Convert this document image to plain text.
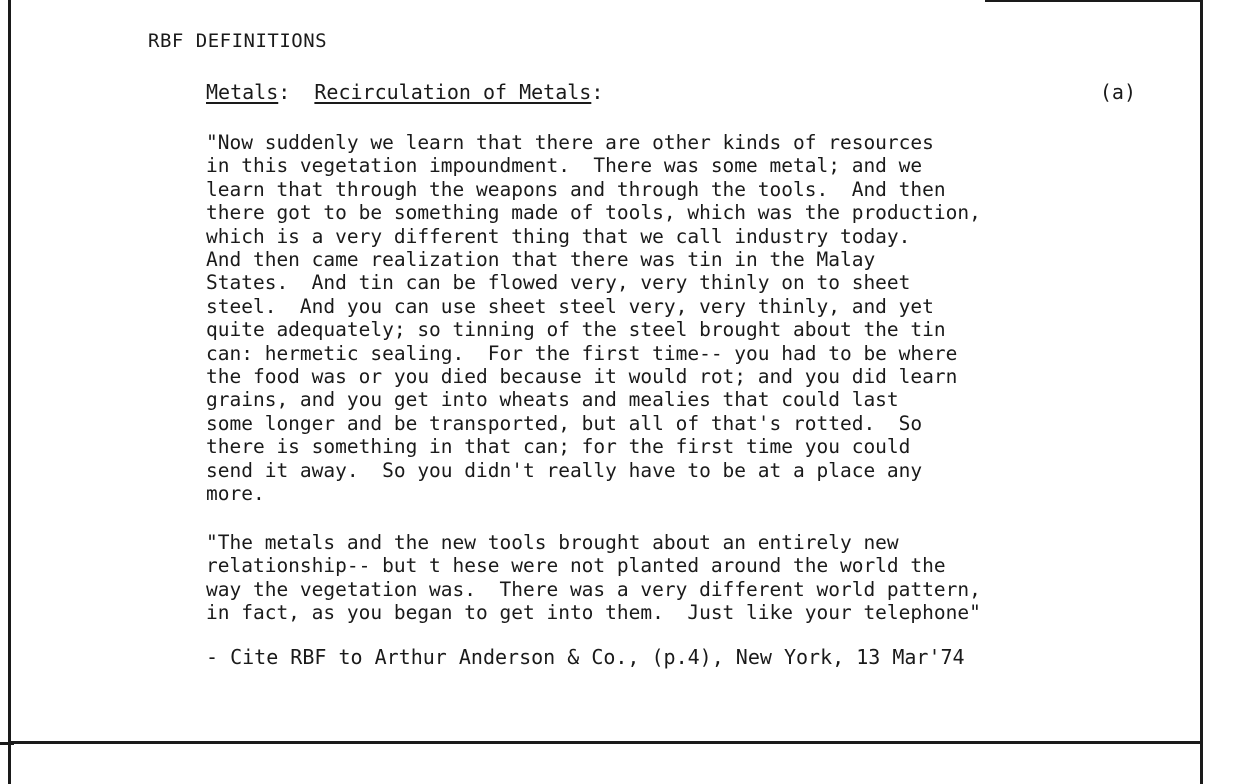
RBF DEFINITIONS
Metals:  Recirculation of Metals:	(a)
"Now suddenly we learn that there are other kinds of resources
in this vegetation impoundment.  There was some metal; and we
learn that through the weapons and through the tools.  And then
there got to be something made of tools, which was the production,
which is a very different thing that we call industry today.
And then came realization that there was tin in the Malay
States.  And tin can be flowed very, very thinly on to sheet
steel.  And you can use sheet steel very, very thinly, and yet
quite adequately; so tinning of the steel brought about the tin
can: hermetic sealing.  For the first time-- you had to be where
the food was or you died because it would rot; and you did learn
grains, and you get into wheats and mealies that could last
some longer and be transported, but all of that's rotted.  So
there is something in that can; for the first time you could
send it away.  So you didn't really have to be at a place any
more.
"The metals and the new tools brought about an entirely new
relationship-- but t hese were not planted around the world the
way the vegetation was.  There was a very different world pattern,
in fact, as you began to get into them.  Just like your telephone"
- Cite RBF to Arthur Anderson & Co., (p.4), New York, 13 Mar'74
